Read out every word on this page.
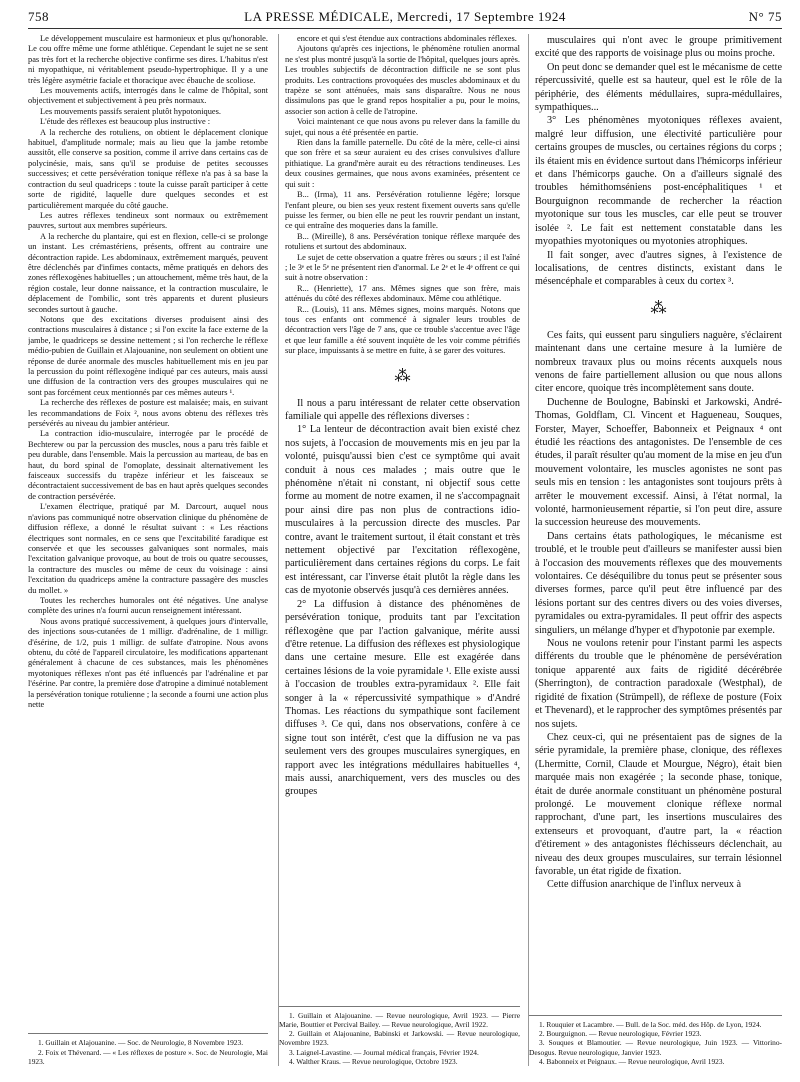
758	LA PRESSE MÉDICALE, Mercredi, 17 Septembre 1924	N° 75

Le développement musculaire est harmonieux et plus qu'honorable. Le cou offre même une forme athlétique. Cependant le sujet ne se sent pas très fort et la recherche objective confirme ses dires. L'habitus n'est ni myopathique, ni véritablement pseudo-hypertrophique. Il y a une très légère asymétrie faciale et thoracique avec ébauche de scoliose.

Les mouvements actifs, interrogés dans le calme de l'hôpital, sont objectivement et subjectivement à peu près normaux.

Les mouvements passifs seraient plutôt hypotoniques.

L'étude des réflexes est beaucoup plus instructive :

A la recherche des rotuliens, on obtient le déplacement clonique habituel, d'amplitude normale; mais au lieu que la jambe retombe aussitôt, elle conserve sa position, comme il arrive dans certains cas de polycinésie, mais, sans qu'il se produise de petites secousses successives; et cette persévération tonique réflexe n'a pas à sa base la contraction du seul quadriceps : toute la cuisse paraît participer à cette sorte de rigidité, laquelle dure quelques secondes et est particulièrement marquée du côté gauche.

Les autres réflexes tendineux sont normaux ou extrêmement pauvres, surtout aux membres supérieurs.

A la recherche du plantaire, qui est en flexion, celle-ci se prolonge un instant. Les crémastériens, présents, offrent au contraire une décontraction rapide. Les abdominaux, extrêmement marqués, peuvent être déclenchés par d'infimes contacts, même pratiqués en dehors des zones réflexogènes habituelles ; un attouchement, même très haut, de la région costale, leur donne naissance, et la contraction musculaire, le déplacement de l'ombilic, sont très apparents et durent plusieurs secondes surtout à gauche.

Notons que des excitations diverses produisent ainsi des contractions musculaires à distance ; si l'on excite la face externe de la jambe, le quadriceps se dessine nettement ; si l'on recherche le réflexe médio-pubien de Guillain et Alajouanine, non seulement on obtient une réponse de durée anormale des muscles habituellement mis en jeu par la percussion du point réflexogène indiqué par ces auteurs, mais aussi une diffusion de la contraction vers des groupes musculaires qui ne sont pas forcément ceux mentionnés par ces mêmes auteurs ¹.

La recherche des réflexes de posture est malaisée; mais, en suivant les recommandations de Foix ², nous avons obtenu des réflexes très persévérés au niveau du jambier antérieur.

La contraction idio-musculaire, interrogée par le procédé de Bechterew ou par la percussion des muscles, nous a paru très faible et peu durable, dans l'ensemble. Mais la percussion au marteau, de bas en haut, du bord spinal de l'omoplate, dessinait alternativement les faisceaux successifs du trapèze inférieur et les faisceaux se décontractaient successivement de bas en haut après quelques secondes de contraction persévérée.

L'examen électrique, pratiqué par M. Darcourt, auquel nous n'avions pas communiqué notre observation clinique du phénomène de diffusion réflexe, a donné le résultat suivant : « Les réactions électriques sont normales, en ce sens que l'excitabilité faradique est conservée et que les secousses galvaniques sont normales, mais l'excitation galvanique provoque, au bout de trois ou quatre secousses, la contracture des muscles ou même de ceux du voisinage : ainsi l'excitation du quadriceps amène la contracture passagère des muscles du mollet. »

Toutes les recherches humorales ont été négatives. Une analyse complète des urines n'a fourni aucun renseignement intéressant.

Nous avons pratiqué successivement, à quelques jours d'intervalle, des injections sous-cutanées de 1 milligr. d'adrénaline, de 1 milligr. d'ésérine, de 1/2, puis 1 milligr. de sulfate d'atropine. Nous avons obtenu, du côté de l'appareil circulatoire, les modifications appartenant généralement à chacune de ces substances, mais les phénomènes myotoniques réflexes n'ont pas été influencés par l'adrénaline et par l'ésérine. Par contre, la première dose d'atropine a diminué notablement la persévération tonique rotulienne ; la seconde a fourni une action plus nette

1. Guillain et Alajouanine. — Soc. de Neurologie, 8 Novembre 1923.

2. Foix et Thévenard. — « Les réflexes de posture ». Soc. de Neurologie, Mai 1923.

encore et qui s'est étendue aux contractions abdominales réflexes.

Ajoutons qu'après ces injections, le phénomène rotulien anormal ne s'est plus montré jusqu'à la sortie de l'hôpital, quelques jours après. Les troubles subjectifs de décontraction difficile ne se sont plus produits. Les contractions provoquées des muscles abdominaux et du trapèze se sont atténuées, mais sans disparaître. Nous ne nous dissimulons pas que le grand repos hospitalier a pu, pour le moins, associer son action à celle de l'atropine.

Voici maintenant ce que nous avons pu relever dans la famille du sujet, qui nous a été présentée en partie.

Rien dans la famille paternelle. Du côté de la mère, celle-ci ainsi que son frère et sa sœur auraient eu des crises convulsives d'allure pithiatique. La grand'mère aurait eu des rétractions tendineuses. Les deux cousines germaines, que nous avons examinées, présentent ce qui suit :

B... (Irma), 11 ans. Persévération rotulienne légère; lorsque l'enfant pleure, ou bien ses yeux restent fixement ouverts sans qu'elle puisse les fermer, ou bien elle ne peut les rouvrir pendant un instant, ce qui entraîne des moqueries dans la famille.

B... (Mireille), 8 ans. Persévération tonique réflexe marquée des rotuliens et surtout des abdominaux.

Le sujet de cette observation a quatre frères ou sœurs ; il est l'aîné ; le 3ᵉ et le 5ᵉ ne présentent rien d'anormal. Le 2ᵉ et le 4ᵉ offrent ce qui suit à notre observation :

R... (Henriette), 17 ans. Mêmes signes que son frère, mais atténués du côté des réflexes abdominaux. Même cou athlétique.

R... (Louis), 11 ans. Mêmes signes, moins marqués. Notons que tous ces enfants ont commencé à signaler leurs troubles de décontraction vers l'âge de 7 ans, que ce trouble s'accentue avec l'âge et que leur famille a été souvent inquiète de les voir comme pétrifiés sur place, impuissants à se mettre en fuite, à se garer des voitures.

⁂

Il nous a paru intéressant de relater cette observation familiale qui appelle des réflexions diverses :

1° La lenteur de décontraction avait bien existé chez nos sujets, à l'occasion de mouvements mis en jeu par la volonté, puisqu'aussi bien c'est ce symptôme qui avait conduit à nous ces malades ; mais outre que le phénomène n'était ni constant, ni objectif sous cette forme au moment de notre examen, il ne s'accompagnait pour ainsi dire pas non plus de contractions idio-musculaires à la percussion directe des muscles. Par contre, avant le traitement surtout, il était constant et très nettement objectivé par l'excitation réflexogène, particulièrement dans certaines régions du corps. Le fait est intéressant, car l'inverse était plutôt la règle dans les cas de myotonie observés jusqu'à ces dernières années.

2° La diffusion à distance des phénomènes de persévération tonique, produits tant par l'excitation réflexogène que par l'action galvanique, mérite aussi d'être retenue. La diffusion des réflexes est physiologique dans une certaine mesure. Elle est exagérée dans certaines lésions de la voie pyramidale ¹. Elle existe aussi à l'occasion de troubles extra-pyramidaux ². Elle fait songer à la « répercussivité sympathique » d'André Thomas. Les réactions du sympathique sont facilement diffuses ³. Ce qui, dans nos observations, confère à ce signe tout son intérêt, c'est que la diffusion ne va pas seulement vers des groupes musculaires synergiques, en rapport avec les intégrations médullaires habituelles ⁴, mais aussi, anarchiquement, vers des muscles ou des groupes

1. Guillain et Alajouanine. — Revue neurologique, Avril 1923. — Pierre Marie, Bouttier et Percival Bailey. — Revue neurologique, Avril 1922.

2. Guillain et Alajouanine, Babinski et Jarkowski. — Revue neurologique, Novembre 1923.

3. Laignel-Lavastine. — Journal médical français, Février 1924.

4. Walther Kraus. — Revue neurologique, Octobre 1923.

musculaires qui n'ont avec le groupe primitivement excité que des rapports de voisinage plus ou moins proche.

On peut donc se demander quel est le mécanisme de cette répercussivité, quelle est sa hauteur, quel est le rôle de la périphérie, des éléments médullaires, supra-médullaires, sympathiques...

3° Les phénomènes myotoniques réflexes avaient, malgré leur diffusion, une électivité particulière pour certains groupes de muscles, ou certaines régions du corps ; ils étaient mis en évidence surtout dans l'hémicorps inférieur et dans l'hémicorps gauche. On a d'ailleurs signalé des troubles hémithomséniens post-encéphalitiques ¹ et Bourguignon recommande de rechercher la réaction myotonique sur tous les muscles, car elle peut se trouver isolée ². Le fait est nettement constatable dans les myopathies myotoniques ou myotonies atrophiques.

Il fait songer, avec d'autres signes, à l'existence de localisations, de centres distincts, existant dans le mésencéphale et comparables à ceux du cortex ³.

⁂

Ces faits, qui eussent paru singuliers naguère, s'éclairent maintenant dans une certaine mesure à la lumière de nombreux travaux plus ou moins récents auxquels nous venons de faire partiellement allusion ou que nous allons citer encore, quoique très incomplètement sans doute.

Duchenne de Boulogne, Babinski et Jarkowski, André-Thomas, Goldflam, Cl. Vincent et Hagueneau, Souques, Forster, Mayer, Schoeffer, Babonneix et Peignaux ⁴ ont étudié les réactions des antagonistes. De l'ensemble de ces études, il paraît résulter qu'au moment de la mise en jeu d'un mouvement volontaire, les muscles agonistes ne sont pas seuls mis en tension : les antagonistes sont toujours prêts à arrêter le mouvement excessif. Ainsi, à l'état normal, la volonté, harmonieusement répartie, si l'on peut dire, assure la succession heureuse des mouvements.

Dans certains états pathologiques, le mécanisme est troublé, et le trouble peut d'ailleurs se manifester aussi bien à l'occasion des mouvements réflexes que des mouvements volontaires. Ce déséquilibre du tonus peut se présenter sous diverses formes, parce qu'il peut être influencé par des lésions portant sur des centres divers ou des voies diverses, pyramidales ou extra-pyramidales. Il peut offrir des aspects singuliers, un mélange d'hyper et d'hypotonie par exemple.

Nous ne voulons retenir pour l'instant parmi les aspects différents du trouble que le phénomène de persévération tonique apparenté aux faits de rigidité décérébrée (Sherrington), de contraction paradoxale (Westphal), de rigidité de fixation (Strümpell), de réflexe de posture (Foix et Thevenard), et le rapprocher des symptômes présentés par nos sujets.

Chez ceux-ci, qui ne présentaient pas de signes de la série pyramidale, la première phase, clonique, des réflexes (Lhermitte, Cornil, Claude et Mourgue, Négro), était bien marquée mais non exagérée ; la seconde phase, tonique, était de durée anormale constituant un phénomène postural prolongé. Le mouvement clonique réflexe normal rapprochant, d'une part, les insertions musculaires des extenseurs et provoquant, d'autre part, la « réaction d'étirement » des antagonistes fléchisseurs déclenchait, au niveau des deux groupes musculaires, sur terrain lésionnel favorable, un état rigide de fixation.

Cette diffusion anarchique de l'influx nerveux à

1. Rouquier et Lacambre. — Bull. de la Soc. méd. des Hôp. de Lyon, 1924.

2. Bourguignon. — Revue neurologique, Février 1923.

3. Souques et Blamoutier. — Revue neurologique, Juin 1923. — Vittorino-Desogus. Revue neurologique, Janvier 1923.

4. Babonneix et Peignaux. — Revue neurologique, Avril 1923.
